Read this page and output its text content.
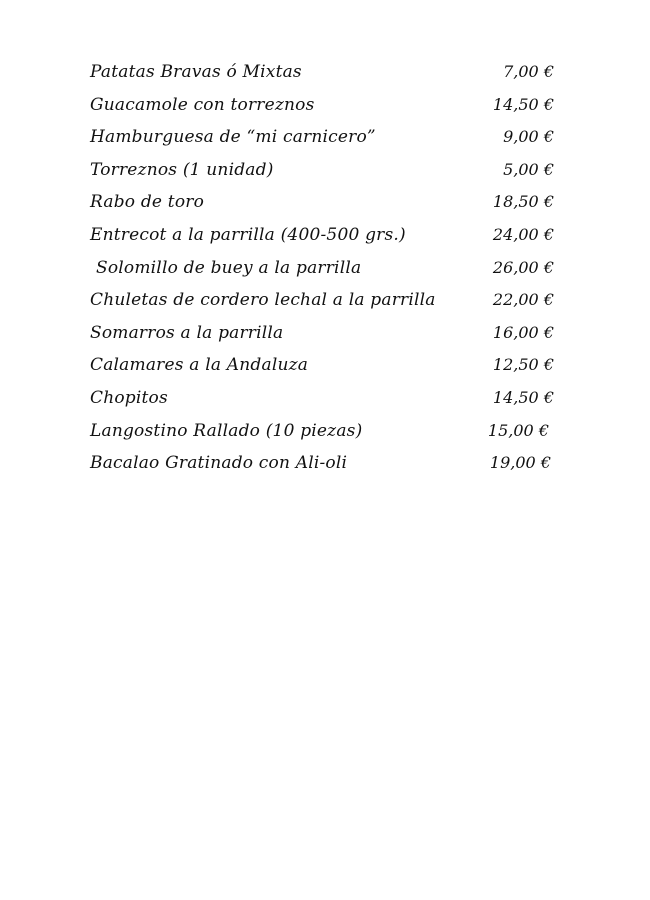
Patatas Bravas ó Mixtas	7,00 €
Guacamole con torreznos	14,50 €
Hamburguesa de “mi carnicero”	9,00 €
Torreznos (1 unidad)	5,00 €
Rabo de toro	18,50 €
Entrecot a la parrilla (400-500 grs.)	24,00 €
Solomillo de buey a la parrilla	26,00 €
Chuletas de cordero lechal a la parrilla	22,00 €
Somarros a la parrilla	16,00 €
Calamares a la Andaluza	12,50 €
Chopitos	14,50 €
Langostino Rallado (10 piezas)	15,00 €
Bacalao Gratinado con Ali-oli	19,00 €
